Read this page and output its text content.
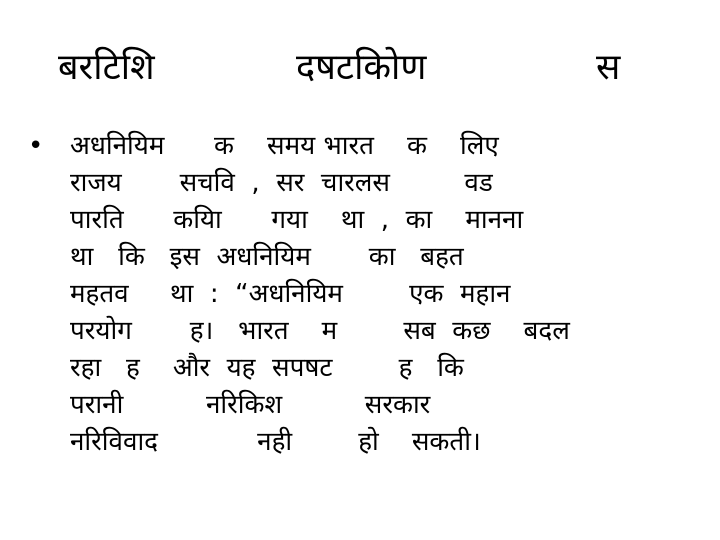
बरटिशि	दषटकिोण	स
• अधनियिम      क    समय भारत    क    लिए
राजय       सचवि  ,  सर  चारलस         वड
पारति      कयिा      गया    था  ,  का    मानना
था   कि   इस  अधनियिम       का   बहत
महतव     था  :  “अधनियिम        एक  महान
परयोग       ह।   भारत    म        सब  कछ    बदल
रहा   ह    और  यह  सपषट        ह   कि
परानी          नरिकिश          सरकार
नरिविवाद            नही        हो    सकती।
